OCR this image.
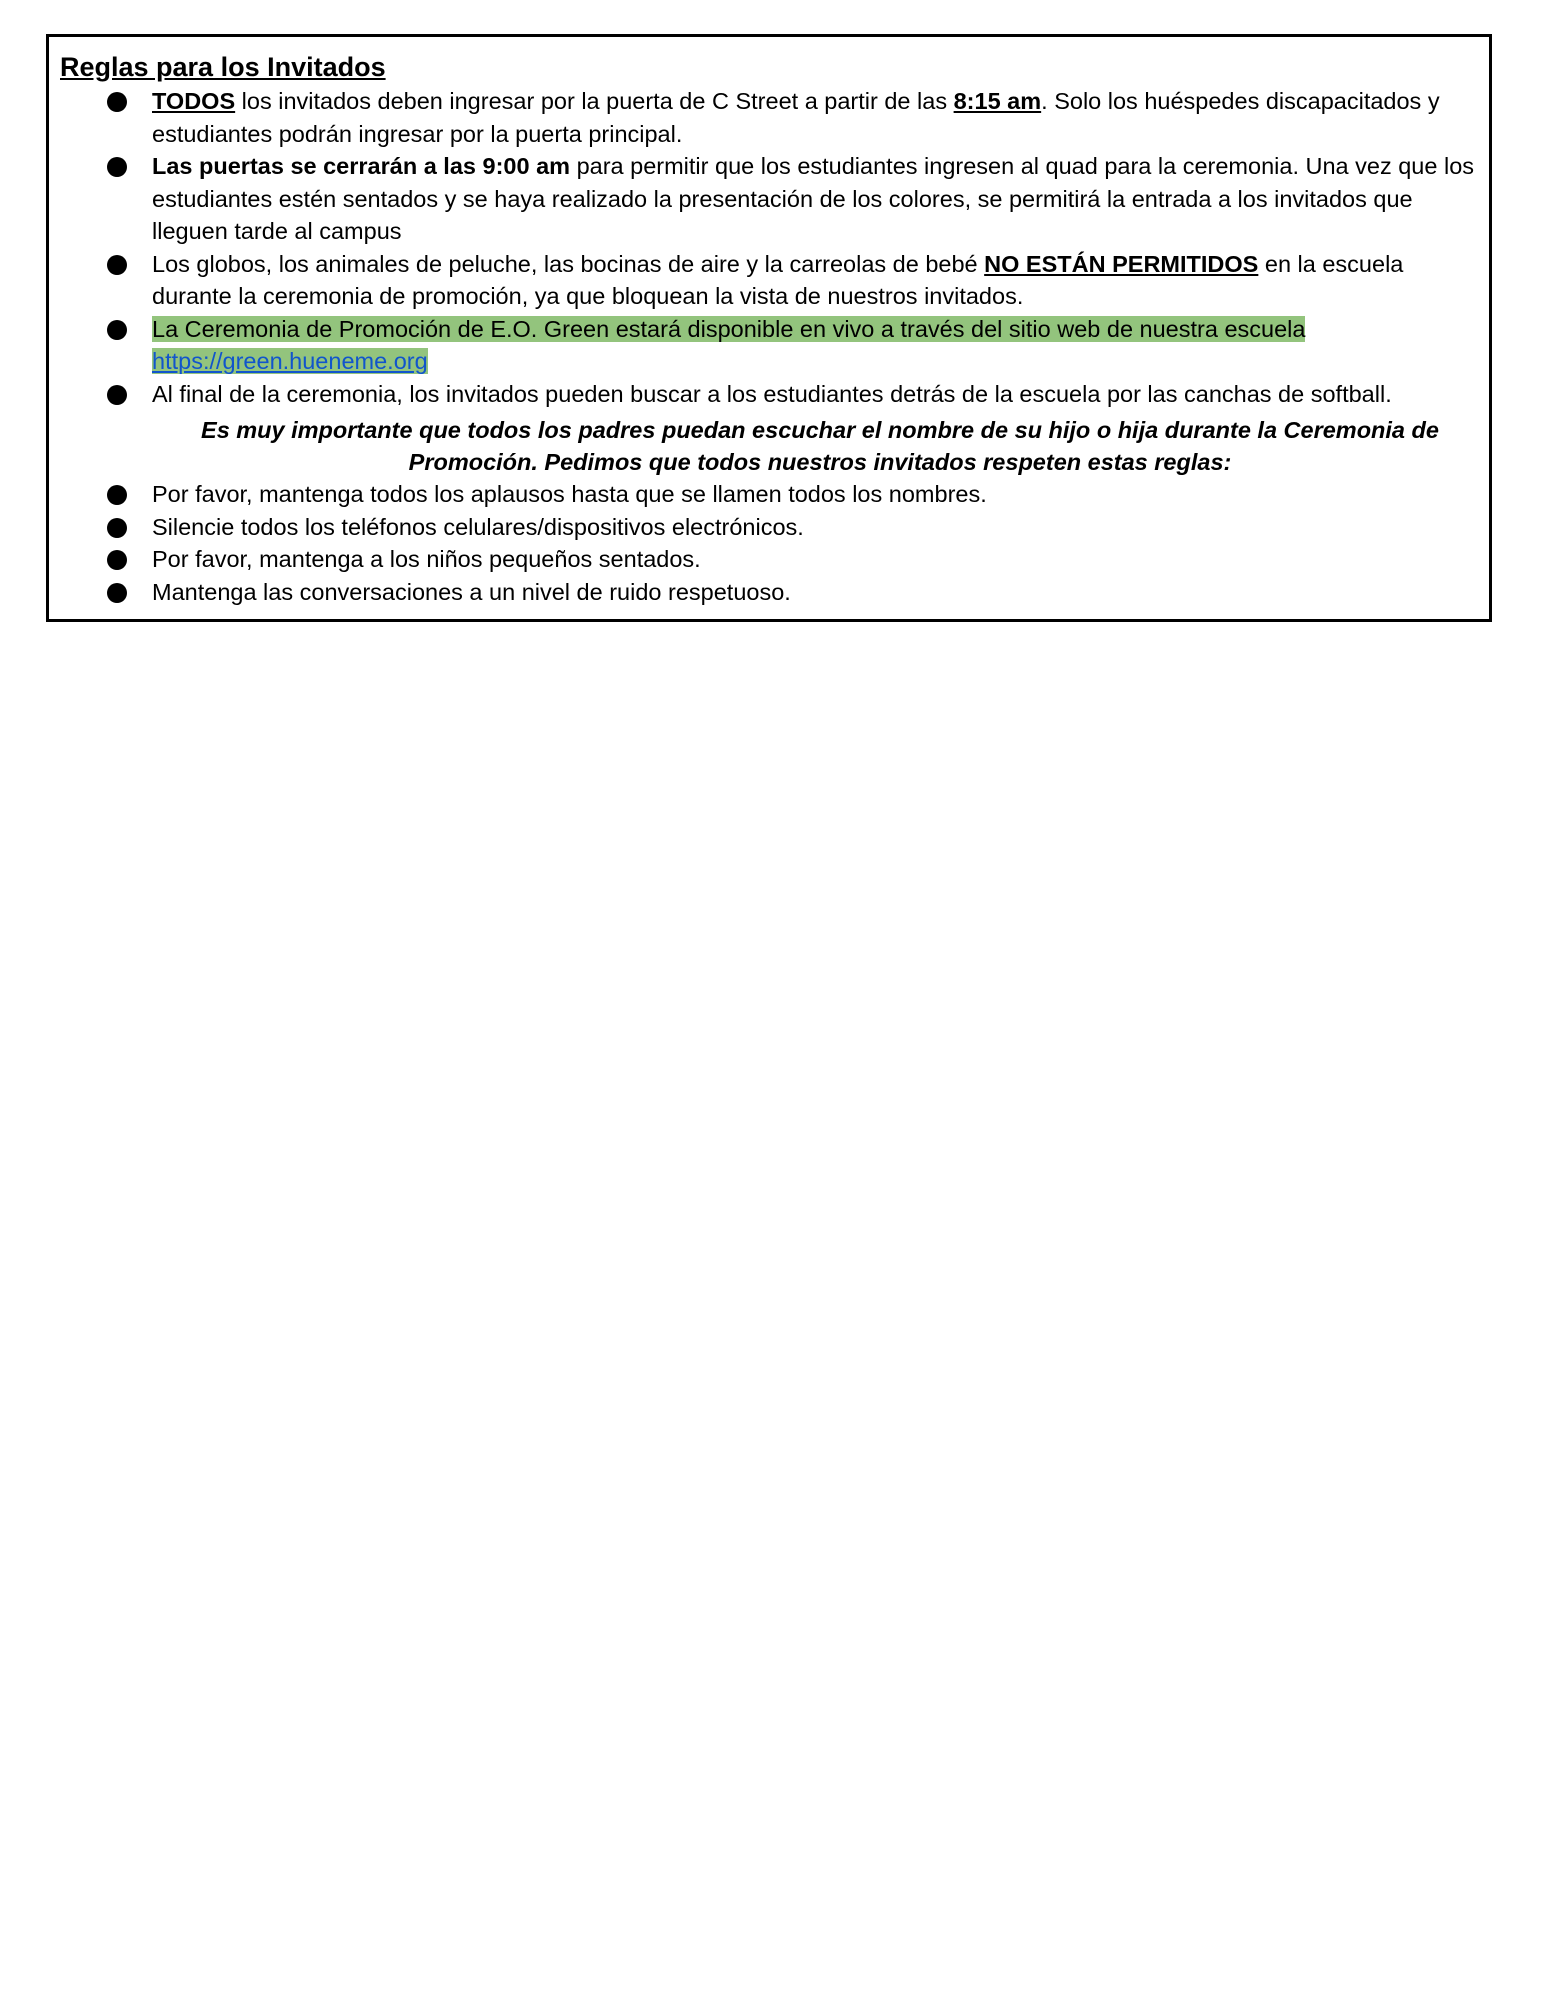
Reglas para los Invitados
TODOS los invitados deben ingresar por la puerta de C Street a partir de las 8:15 am. Solo los huéspedes discapacitados y estudiantes podrán ingresar por la puerta principal.
Las puertas se cerrarán a las 9:00 am para permitir que los estudiantes ingresen al quad para la ceremonia. Una vez que los estudiantes estén sentados y se haya realizado la presentación de los colores, se permitirá la entrada a los invitados que lleguen tarde al campus
Los globos, los animales de peluche, las bocinas de aire y la carreolas de bebé NO ESTÁN PERMITIDOS en la escuela durante la ceremonia de promoción, ya que bloquean la vista de nuestros invitados.
La Ceremonia de Promoción de E.O. Green estará disponible en vivo a través del sitio web de nuestra escuela https://green.hueneme.org
Al final de la ceremonia, los invitados pueden buscar a los estudiantes detrás de la escuela por las canchas de softball.
Es muy importante que todos los padres puedan escuchar el nombre de su hijo o hija durante la Ceremonia de Promoción. Pedimos que todos nuestros invitados respeten estas reglas:
Por favor, mantenga todos los aplausos hasta que se llamen todos los nombres.
Silencie todos los teléfonos celulares/dispositivos electrónicos.
Por favor, mantenga a los niños pequeños sentados.
Mantenga las conversaciones a un nivel de ruido respetuoso.
